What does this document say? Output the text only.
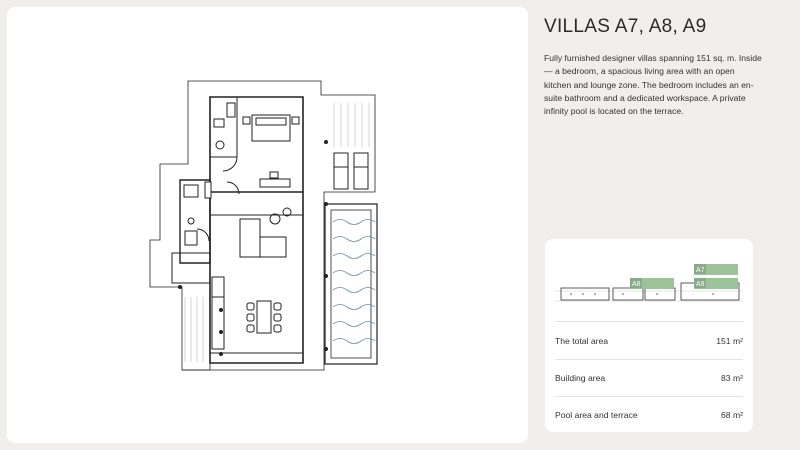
VILLAS A7, A8, A9

Fully furnished designer villas spanning 151 sq. m. Inside — a bedroom, a spacious living area with an open kitchen and lounge zone. The bedroom includes an en-suite bathroom and a dedicated workspace. A private infinity pool is located on the terrace.

A7
A8	A9
The total area	151 m²
Building area	83 m²
Pool area and terrace	68 m²
